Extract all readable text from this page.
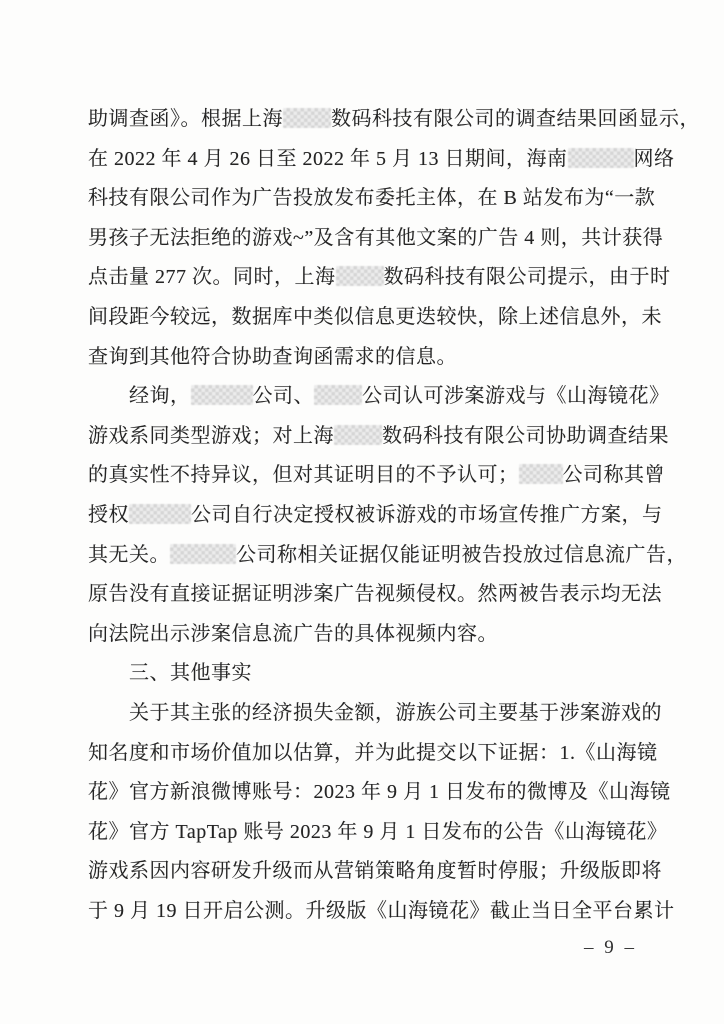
助调查函》。根据上海 数码科技有限公司的调查结果回函显示，
在 2022 年 4 月 26 日至 2022 年 5 月 13 日期间，海南	网络
科技有限公司作为广告投放发布委托主体，在 B 站发布为“一款
男孩子无法拒绝的游戏~”及含有其他文案的广告 4 则，共计获得
点击量 277 次。同时，上海 数码科技有限公司提示，由于时
间段距今较远，数据库中类似信息更迭较快，除上述信息外，未
查询到其他符合协助查询函需求的信息。
经询，	公司、 公司认可涉案游戏与《山海镜花》
游戏系同类型游戏；对上海 数码科技有限公司协助调查结果
的真实性不持异议，但对其证明目的不予认可； 公司称其曾
授权	公司自行决定授权被诉游戏的市场宣传推广方案，与
其无关。	公司称相关证据仅能证明被告投放过信息流广告，
原告没有直接证据证明涉案广告视频侵权。然两被告表示均无法
向法院出示涉案信息流广告的具体视频内容。
三、其他事实
关于其主张的经济损失金额，游族公司主要基于涉案游戏的
知名度和市场价值加以估算，并为此提交以下证据：1.《山海镜
花》官方新浪微博账号：2023 年 9 月 1 日发布的微博及《山海镜
花》官方 TapTap 账号 2023 年 9 月 1 日发布的公告《山海镜花》
游戏系因内容研发升级而从营销策略角度暂时停服；升级版即将
于 9 月 19 日开启公测。升级版《山海镜花》截止当日全平台累计
– 9 –
